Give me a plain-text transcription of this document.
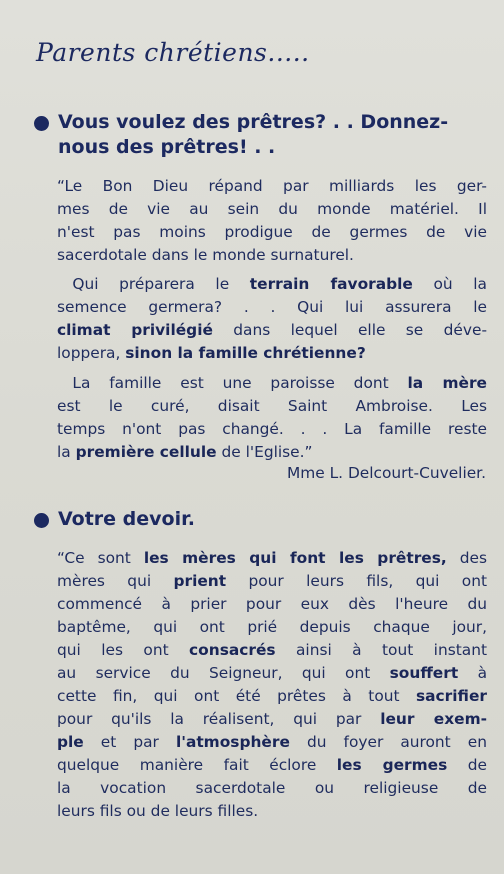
Parents chrétiens.....
Vous voulez des prêtres? . . Donnez-
nous des prêtres! . .

“Le Bon Dieu répand par milliards les ger-
mes de vie au sein du monde matériel. Il
n'est pas moins prodigue de germes de vie
sacerdotale dans le monde surnaturel.

 Qui préparera le terrain favorable où la
semence germera? . . Qui lui assurera le
climat privilégié dans lequel elle se déve-
loppera, sinon la famille chrétienne?

 La famille est une paroisse dont la mère
est le curé, disait Saint Ambroise. Les
temps n'ont pas changé. . . La famille reste
la première cellule de l'Eglise.”

Mme L. Delcourt-Cuvelier.
Votre devoir.

“Ce sont les mères qui font les prêtres, des
mères qui prient pour leurs fils, qui ont
commencé à prier pour eux dès l'heure du
baptême, qui ont prié depuis chaque jour,
qui les ont consacrés ainsi à tout instant
au service du Seigneur, qui ont souffert à
cette fin, qui ont été prêtes à tout sacrifier
pour qu'ils la réalisent, qui par leur exem-
ple et par l'atmosphère du foyer auront en
quelque manière fait éclore les germes de
la vocation sacerdotale ou religieuse de
leurs fils ou de leurs filles.
